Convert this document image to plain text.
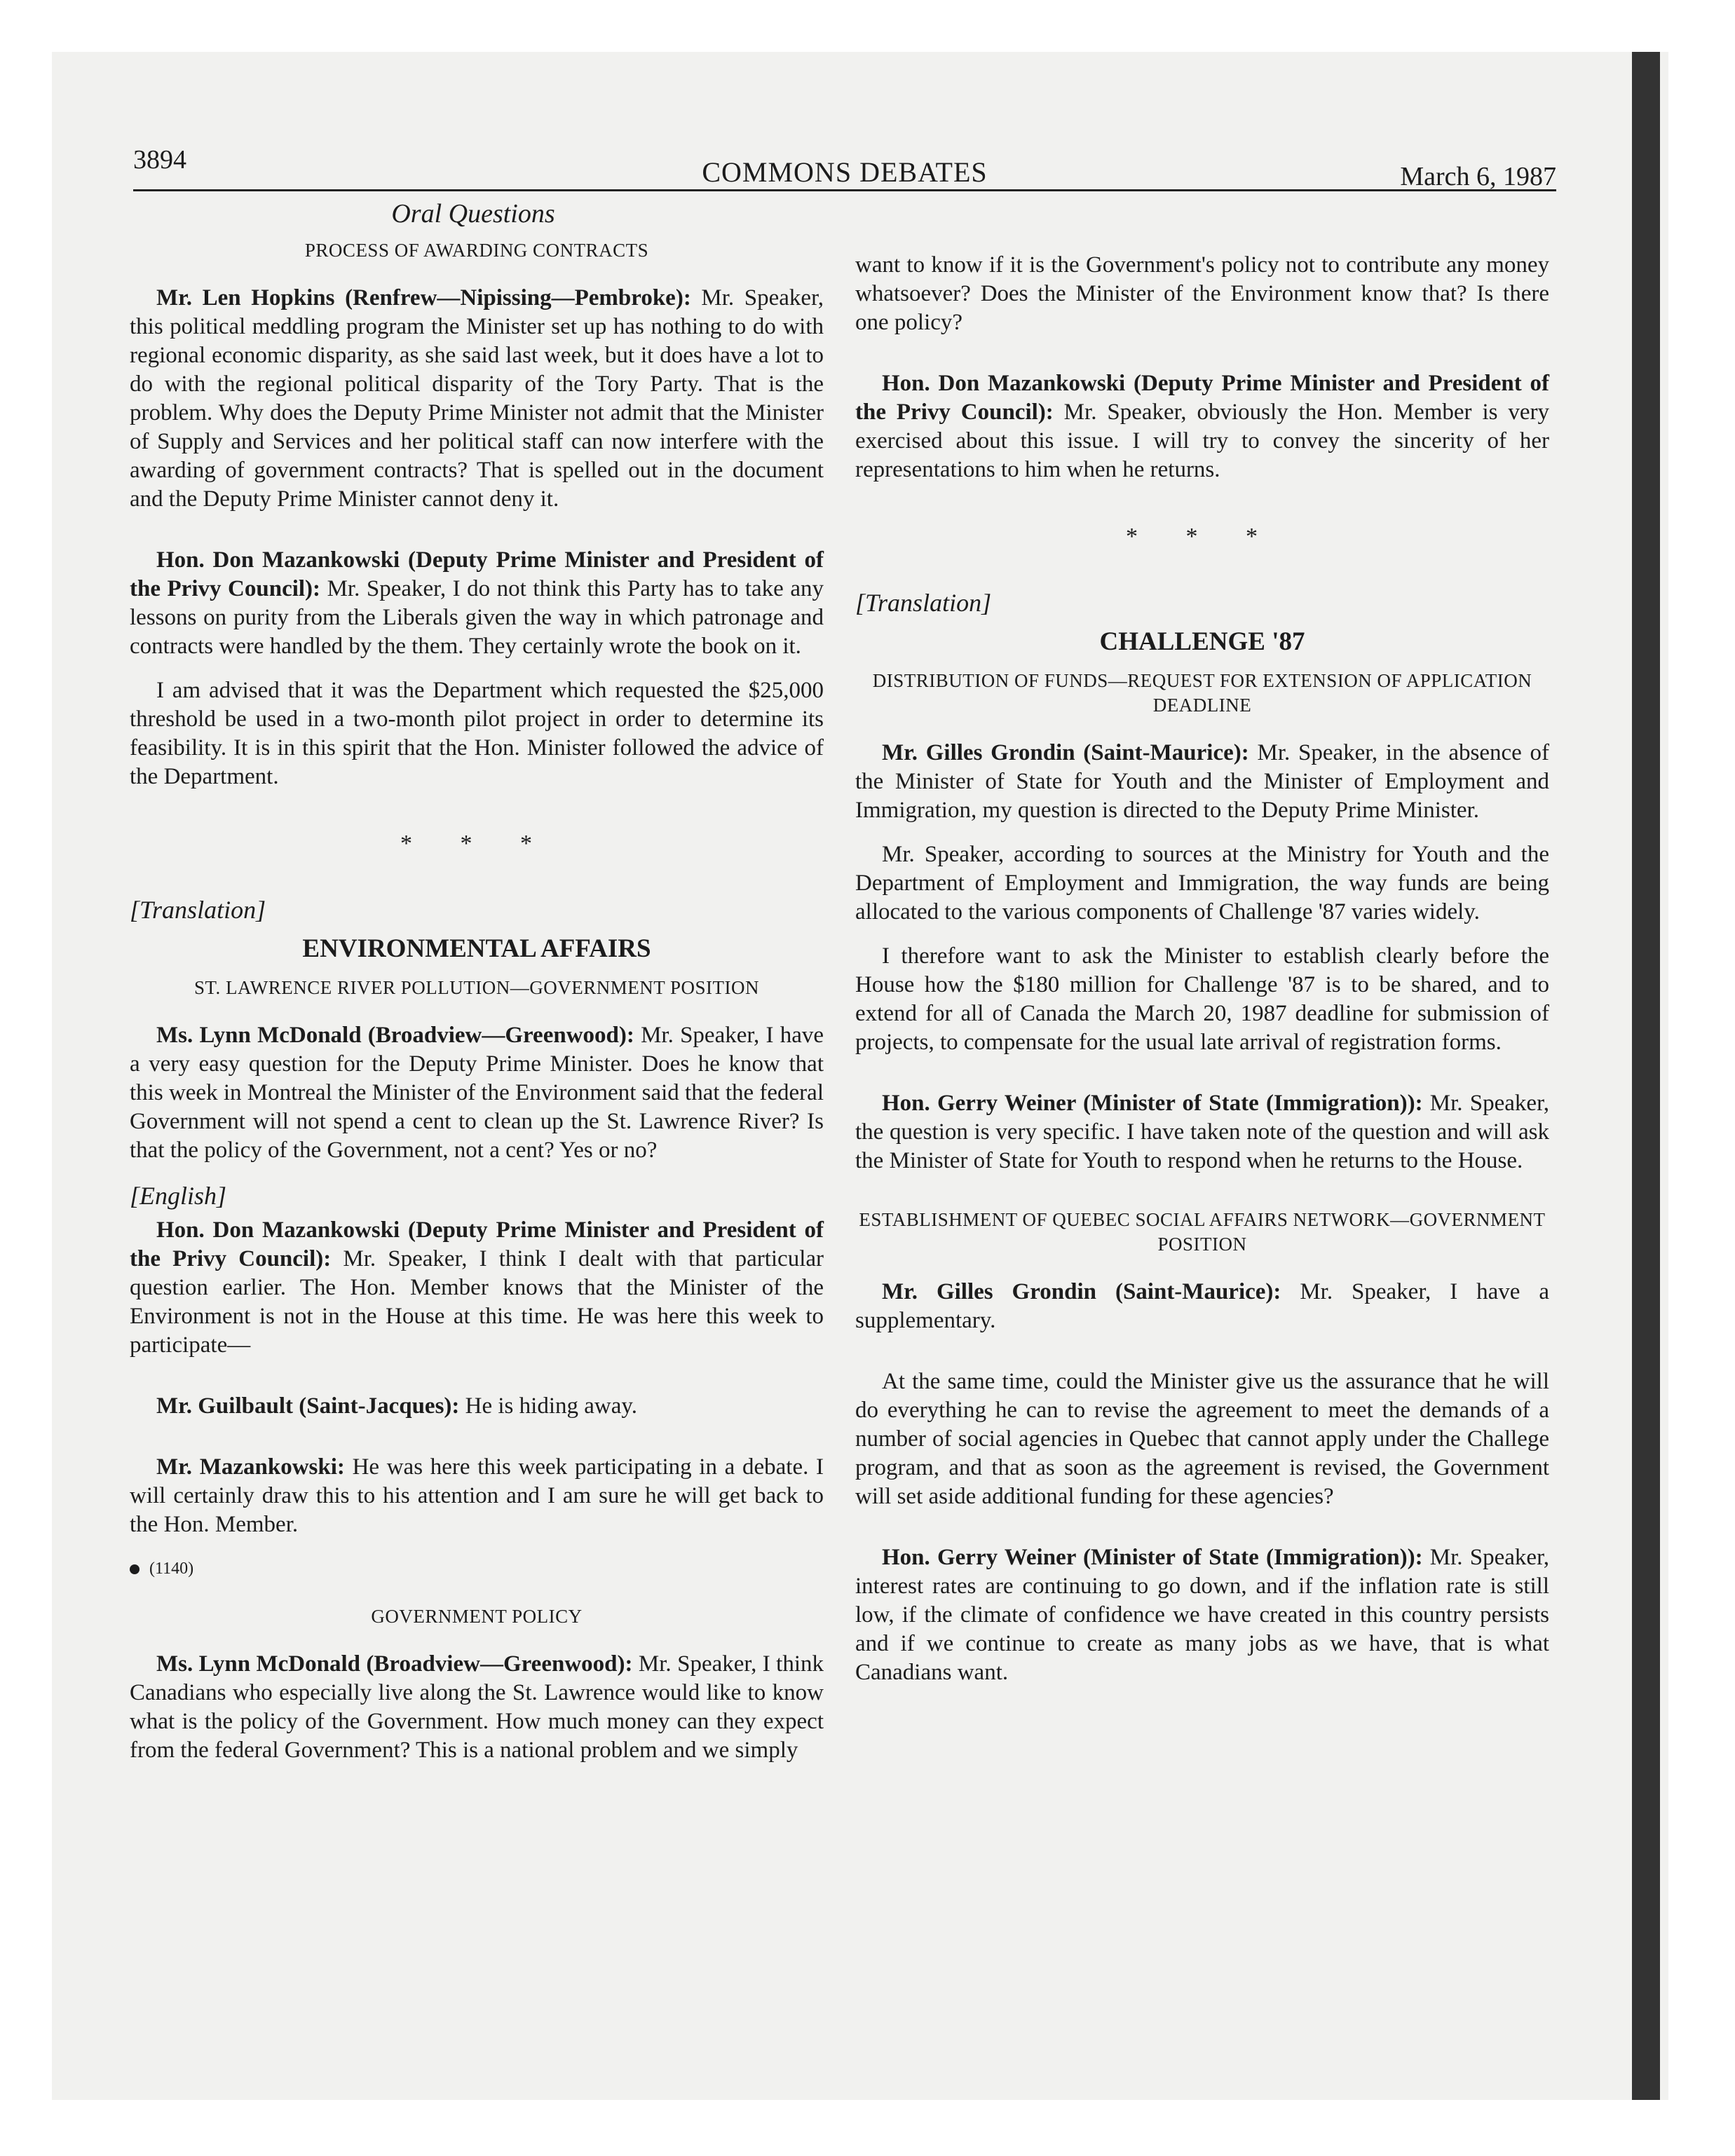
3894	COMMONS DEBATES	March 6, 1987
Oral Questions
PROCESS OF AWARDING CONTRACTS

Mr. Len Hopkins (Renfrew—Nipissing—Pembroke): Mr. Speaker, this political meddling program the Minister set up has nothing to do with regional economic disparity, as she said last week, but it does have a lot to do with the regional political disparity of the Tory Party. That is the problem. Why does the Deputy Prime Minister not admit that the Minister of Supply and Services and her political staff can now interfere with the awarding of government contracts? That is spelled out in the document and the Deputy Prime Minister cannot deny it.

Hon. Don Mazankowski (Deputy Prime Minister and President of the Privy Council): Mr. Speaker, I do not think this Party has to take any lessons on purity from the Liberals given the way in which patronage and contracts were handled by the them. They certainly wrote the book on it.

I am advised that it was the Department which requested the $25,000 threshold be used in a two-month pilot project in order to determine its feasibility. It is in this spirit that the Hon. Minister followed the advice of the Department.

* * *
[Translation]
ENVIRONMENTAL AFFAIRS
ST. LAWRENCE RIVER POLLUTION—GOVERNMENT POSITION

Ms. Lynn McDonald (Broadview—Greenwood): Mr. Speaker, I have a very easy question for the Deputy Prime Minister. Does he know that this week in Montreal the Minister of the Environment said that the federal Government will not spend a cent to clean up the St. Lawrence River? Is that the policy of the Government, not a cent? Yes or no?

[English]

Hon. Don Mazankowski (Deputy Prime Minister and President of the Privy Council): Mr. Speaker, I think I dealt with that particular question earlier. The Hon. Member knows that the Minister of the Environment is not in the House at this time. He was here this week to participate—

Mr. Guilbault (Saint-Jacques): He is hiding away.

Mr. Mazankowski: He was here this week participating in a debate. I will certainly draw this to his attention and I am sure he will get back to the Hon. Member.

(1140)
GOVERNMENT POLICY

Ms. Lynn McDonald (Broadview—Greenwood): Mr. Speaker, I think Canadians who especially live along the St. Lawrence would like to know what is the policy of the Government. How much money can they expect from the federal Government? This is a national problem and we simply

want to know if it is the Government's policy not to contribute any money whatsoever? Does the Minister of the Environment know that? Is there one policy?

Hon. Don Mazankowski (Deputy Prime Minister and President of the Privy Council): Mr. Speaker, obviously the Hon. Member is very exercised about this issue. I will try to convey the sincerity of her representations to him when he returns.

* * *
[Translation]
CHALLENGE '87
DISTRIBUTION OF FUNDS—REQUEST FOR EXTENSION OF APPLICATION DEADLINE

Mr. Gilles Grondin (Saint-Maurice): Mr. Speaker, in the absence of the Minister of State for Youth and the Minister of Employment and Immigration, my question is directed to the Deputy Prime Minister.

Mr. Speaker, according to sources at the Ministry for Youth and the Department of Employment and Immigration, the way funds are being allocated to the various components of Challenge '87 varies widely.

I therefore want to ask the Minister to establish clearly before the House how the $180 million for Challenge '87 is to be shared, and to extend for all of Canada the March 20, 1987 deadline for submission of projects, to compensate for the usual late arrival of registration forms.

Hon. Gerry Weiner (Minister of State (Immigration)): Mr. Speaker, the question is very specific. I have taken note of the question and will ask the Minister of State for Youth to respond when he returns to the House.

ESTABLISHMENT OF QUEBEC SOCIAL AFFAIRS NETWORK—GOVERNMENT POSITION

Mr. Gilles Grondin (Saint-Maurice): Mr. Speaker, I have a supplementary.

At the same time, could the Minister give us the assurance that he will do everything he can to revise the agreement to meet the demands of a number of social agencies in Quebec that cannot apply under the Challege program, and that as soon as the agreement is revised, the Government will set aside additional funding for these agencies?

Hon. Gerry Weiner (Minister of State (Immigration)): Mr. Speaker, interest rates are continuing to go down, and if the inflation rate is still low, if the climate of confidence we have created in this country persists and if we continue to create as many jobs as we have, that is what Canadians want.
